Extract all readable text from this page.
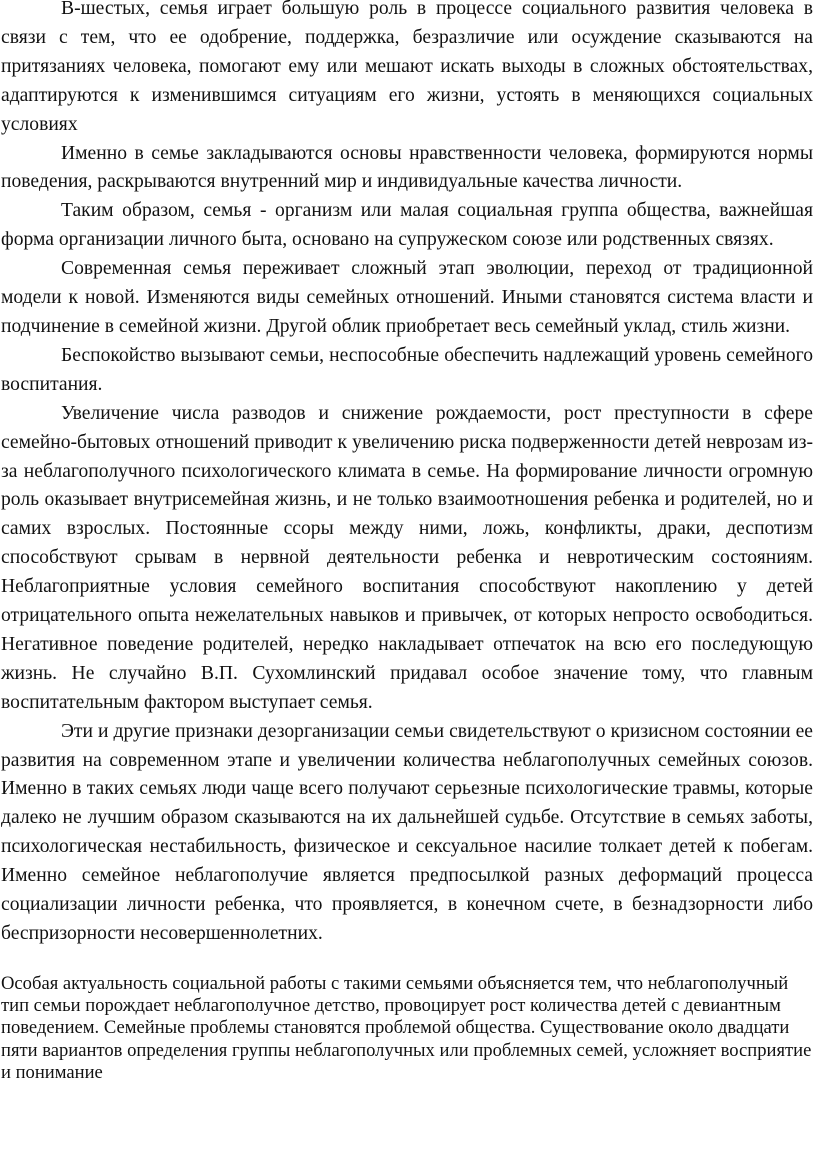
В-шестых, семья играет большую роль в процессе социального развития человека в связи с тем, что ее одобрение, поддержка, безразличие или осуждение сказываются на притязаниях человека, помогают ему или мешают искать выходы в сложных обстоятельствах, адаптируются к изменившимся ситуациям его жизни, устоять в меняющихся социальных условиях

Именно в семье закладываются основы нравственности человека, формируются нормы поведения, раскрываются внутренний мир и индивидуальные качества личности.

Таким образом, семья - организм или малая социальная группа общества, важнейшая форма организации личного быта, основано на супружеском союзе или родственных связях.

Современная семья переживает сложный этап эволюции, переход от традиционной модели к новой. Изменяются виды семейных отношений. Иными становятся система власти и подчинение в семейной жизни. Другой облик приобретает весь семейный уклад, стиль жизни.

Беспокойство вызывают семьи, неспособные обеспечить надлежащий уровень семейного воспитания.

Увеличение числа разводов и снижение рождаемости, рост преступности в сфере семейно-бытовых отношений приводит к увеличению риска подверженности детей неврозам из-за неблагополучного психологического климата в семье. На формирование личности огромную роль оказывает внутрисемейная жизнь, и не только взаимоотношения ребенка и родителей, но и самих взрослых. Постоянные ссоры между ними, ложь, конфликты, драки, деспотизм способствуют срывам в нервной деятельности ребенка и невротическим состояниям. Неблагоприятные условия семейного воспитания способствуют накоплению у детей отрицательного опыта нежелательных навыков и привычек, от которых непросто освободиться. Негативное поведение родителей, нередко накладывает отпечаток на всю его последующую жизнь. Не случайно В.П. Сухомлинский придавал особое значение тому, что главным воспитательным фактором выступает семья.

Эти и другие признаки дезорганизации семьи свидетельствуют о кризисном состоянии ее развития на современном этапе и увеличении количества неблагополучных семейных союзов. Именно в таких семьях люди чаще всего получают серьезные психологические травмы, которые далеко не лучшим образом сказываются на их дальнейшей судьбе. Отсутствие в семьях заботы, психологическая нестабильность, физическое и сексуальное насилие толкает детей к побегам. Именно семейное неблагополучие является предпосылкой разных деформаций процесса социализации личности ребенка, что проявляется, в конечном счете, в безнадзорности либо беспризорности несовершеннолетних.

Особая актуальность социальной работы с такими семьями объясняется тем, что неблагополучный тип семьи порождает неблагополучное детство, провоцирует рост количества детей с девиантным поведением. Семейные проблемы становятся проблемой общества. Существование около двадцати пяти вариантов определения группы неблагополучных или проблемных семей, усложняет восприятие и понимание
